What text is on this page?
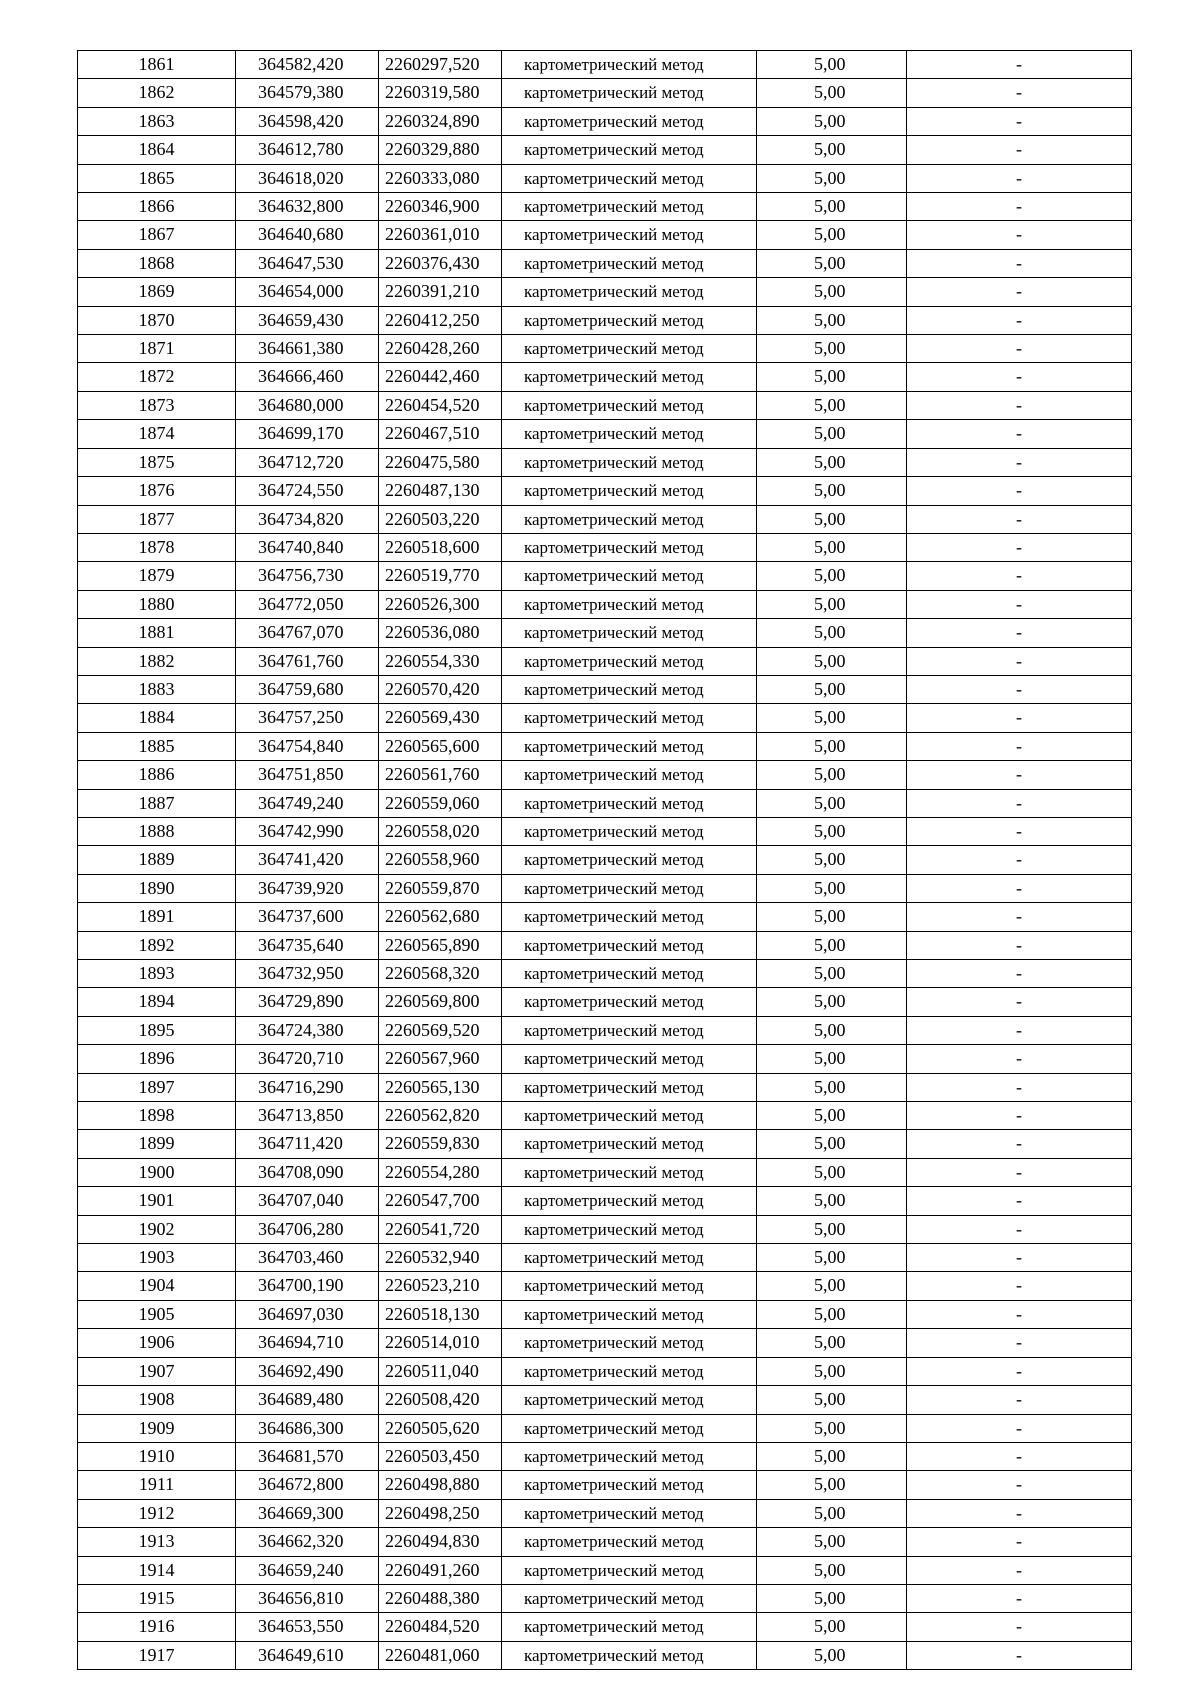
1861	364582,420	2260297,520	картометрический метод	5,00	-
1862	364579,380	2260319,580	картометрический метод	5,00	-
1863	364598,420	2260324,890	картометрический метод	5,00	-
1864	364612,780	2260329,880	картометрический метод	5,00	-
1865	364618,020	2260333,080	картометрический метод	5,00	-
1866	364632,800	2260346,900	картометрический метод	5,00	-
1867	364640,680	2260361,010	картометрический метод	5,00	-
1868	364647,530	2260376,430	картометрический метод	5,00	-
1869	364654,000	2260391,210	картометрический метод	5,00	-
1870	364659,430	2260412,250	картометрический метод	5,00	-
1871	364661,380	2260428,260	картометрический метод	5,00	-
1872	364666,460	2260442,460	картометрический метод	5,00	-
1873	364680,000	2260454,520	картометрический метод	5,00	-
1874	364699,170	2260467,510	картометрический метод	5,00	-
1875	364712,720	2260475,580	картометрический метод	5,00	-
1876	364724,550	2260487,130	картометрический метод	5,00	-
1877	364734,820	2260503,220	картометрический метод	5,00	-
1878	364740,840	2260518,600	картометрический метод	5,00	-
1879	364756,730	2260519,770	картометрический метод	5,00	-
1880	364772,050	2260526,300	картометрический метод	5,00	-
1881	364767,070	2260536,080	картометрический метод	5,00	-
1882	364761,760	2260554,330	картометрический метод	5,00	-
1883	364759,680	2260570,420	картометрический метод	5,00	-
1884	364757,250	2260569,430	картометрический метод	5,00	-
1885	364754,840	2260565,600	картометрический метод	5,00	-
1886	364751,850	2260561,760	картометрический метод	5,00	-
1887	364749,240	2260559,060	картометрический метод	5,00	-
1888	364742,990	2260558,020	картометрический метод	5,00	-
1889	364741,420	2260558,960	картометрический метод	5,00	-
1890	364739,920	2260559,870	картометрический метод	5,00	-
1891	364737,600	2260562,680	картометрический метод	5,00	-
1892	364735,640	2260565,890	картометрический метод	5,00	-
1893	364732,950	2260568,320	картометрический метод	5,00	-
1894	364729,890	2260569,800	картометрический метод	5,00	-
1895	364724,380	2260569,520	картометрический метод	5,00	-
1896	364720,710	2260567,960	картометрический метод	5,00	-
1897	364716,290	2260565,130	картометрический метод	5,00	-
1898	364713,850	2260562,820	картометрический метод	5,00	-
1899	364711,420	2260559,830	картометрический метод	5,00	-
1900	364708,090	2260554,280	картометрический метод	5,00	-
1901	364707,040	2260547,700	картометрический метод	5,00	-
1902	364706,280	2260541,720	картометрический метод	5,00	-
1903	364703,460	2260532,940	картометрический метод	5,00	-
1904	364700,190	2260523,210	картометрический метод	5,00	-
1905	364697,030	2260518,130	картометрический метод	5,00	-
1906	364694,710	2260514,010	картометрический метод	5,00	-
1907	364692,490	2260511,040	картометрический метод	5,00	-
1908	364689,480	2260508,420	картометрический метод	5,00	-
1909	364686,300	2260505,620	картометрический метод	5,00	-
1910	364681,570	2260503,450	картометрический метод	5,00	-
1911	364672,800	2260498,880	картометрический метод	5,00	-
1912	364669,300	2260498,250	картометрический метод	5,00	-
1913	364662,320	2260494,830	картометрический метод	5,00	-
1914	364659,240	2260491,260	картометрический метод	5,00	-
1915	364656,810	2260488,380	картометрический метод	5,00	-
1916	364653,550	2260484,520	картометрический метод	5,00	-
1917	364649,610	2260481,060	картометрический метод	5,00	-
